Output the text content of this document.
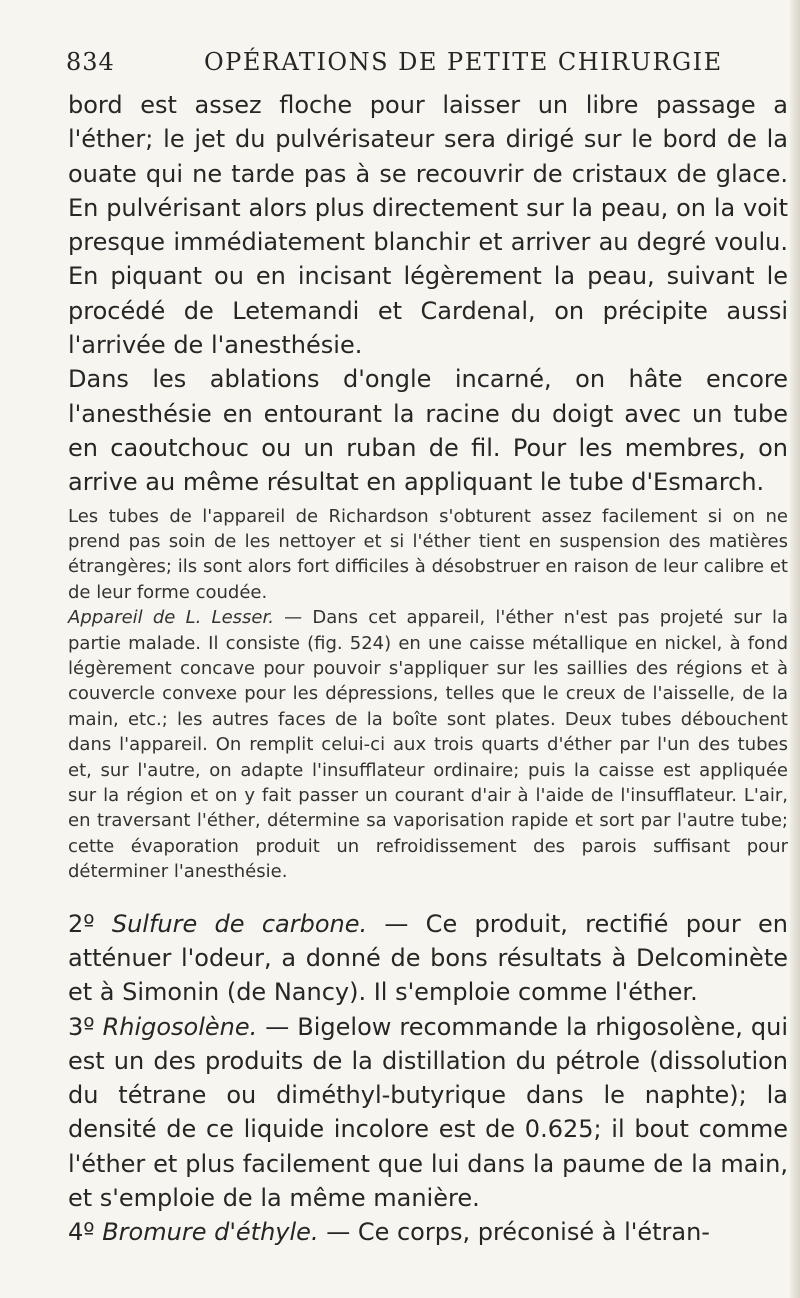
834	OPÉRATIONS DE PETITE CHIRURGIE

bord est assez floche pour laisser un libre passage a l'éther; le jet du pulvérisateur sera dirigé sur le bord de la ouate qui ne tarde pas à se recouvrir de cristaux de glace. En pulvérisant alors plus directement sur la peau, on la voit presque immédiatement blanchir et arriver au degré voulu. En piquant ou en incisant légèrement la peau, suivant le procédé de Letemandi et Cardenal, on précipite aussi l'arrivée de l'anesthésie.

Dans les ablations d'ongle incarné, on hâte encore l'anesthésie en entourant la racine du doigt avec un tube en caoutchouc ou un ruban de fil. Pour les membres, on arrive au même résultat en appliquant le tube d'Esmarch.

Les tubes de l'appareil de Richardson s'obturent assez facilement si on ne prend pas soin de les nettoyer et si l'éther tient en suspension des matières étrangères; ils sont alors fort difficiles à désobstruer en raison de leur calibre et de leur forme coudée.

Appareil de L. Lesser. — Dans cet appareil, l'éther n'est pas projeté sur la partie malade. Il consiste (fig. 524) en une caisse métallique en nickel, à fond légèrement concave pour pouvoir s'appliquer sur les saillies des régions et à couvercle convexe pour les dépressions, telles que le creux de l'aisselle, de la main, etc.; les autres faces de la boîte sont plates. Deux tubes débouchent dans l'appareil. On remplit celui-ci aux trois quarts d'éther par l'un des tubes et, sur l'autre, on adapte l'insufflateur ordinaire; puis la caisse est appliquée sur la région et on y fait passer un courant d'air à l'aide de l'insufflateur. L'air, en traversant l'éther, détermine sa vaporisation rapide et sort par l'autre tube; cette évaporation produit un refroidissement des parois suffisant pour déterminer l'anesthésie.

2º Sulfure de carbone. — Ce produit, rectifié pour en atténuer l'odeur, a donné de bons résultats à Delcominète et à Simonin (de Nancy). Il s'emploie comme l'éther.

3º Rhigosolène. — Bigelow recommande la rhigosolène, qui est un des produits de la distillation du pétrole (dissolution du tétrane ou diméthyl-butyrique dans le naphte); la densité de ce liquide incolore est de 0.625; il bout comme l'éther et plus facilement que lui dans la paume de la main, et s'emploie de la même manière.

4º Bromure d'éthyle. — Ce corps, préconisé à l'étran-
